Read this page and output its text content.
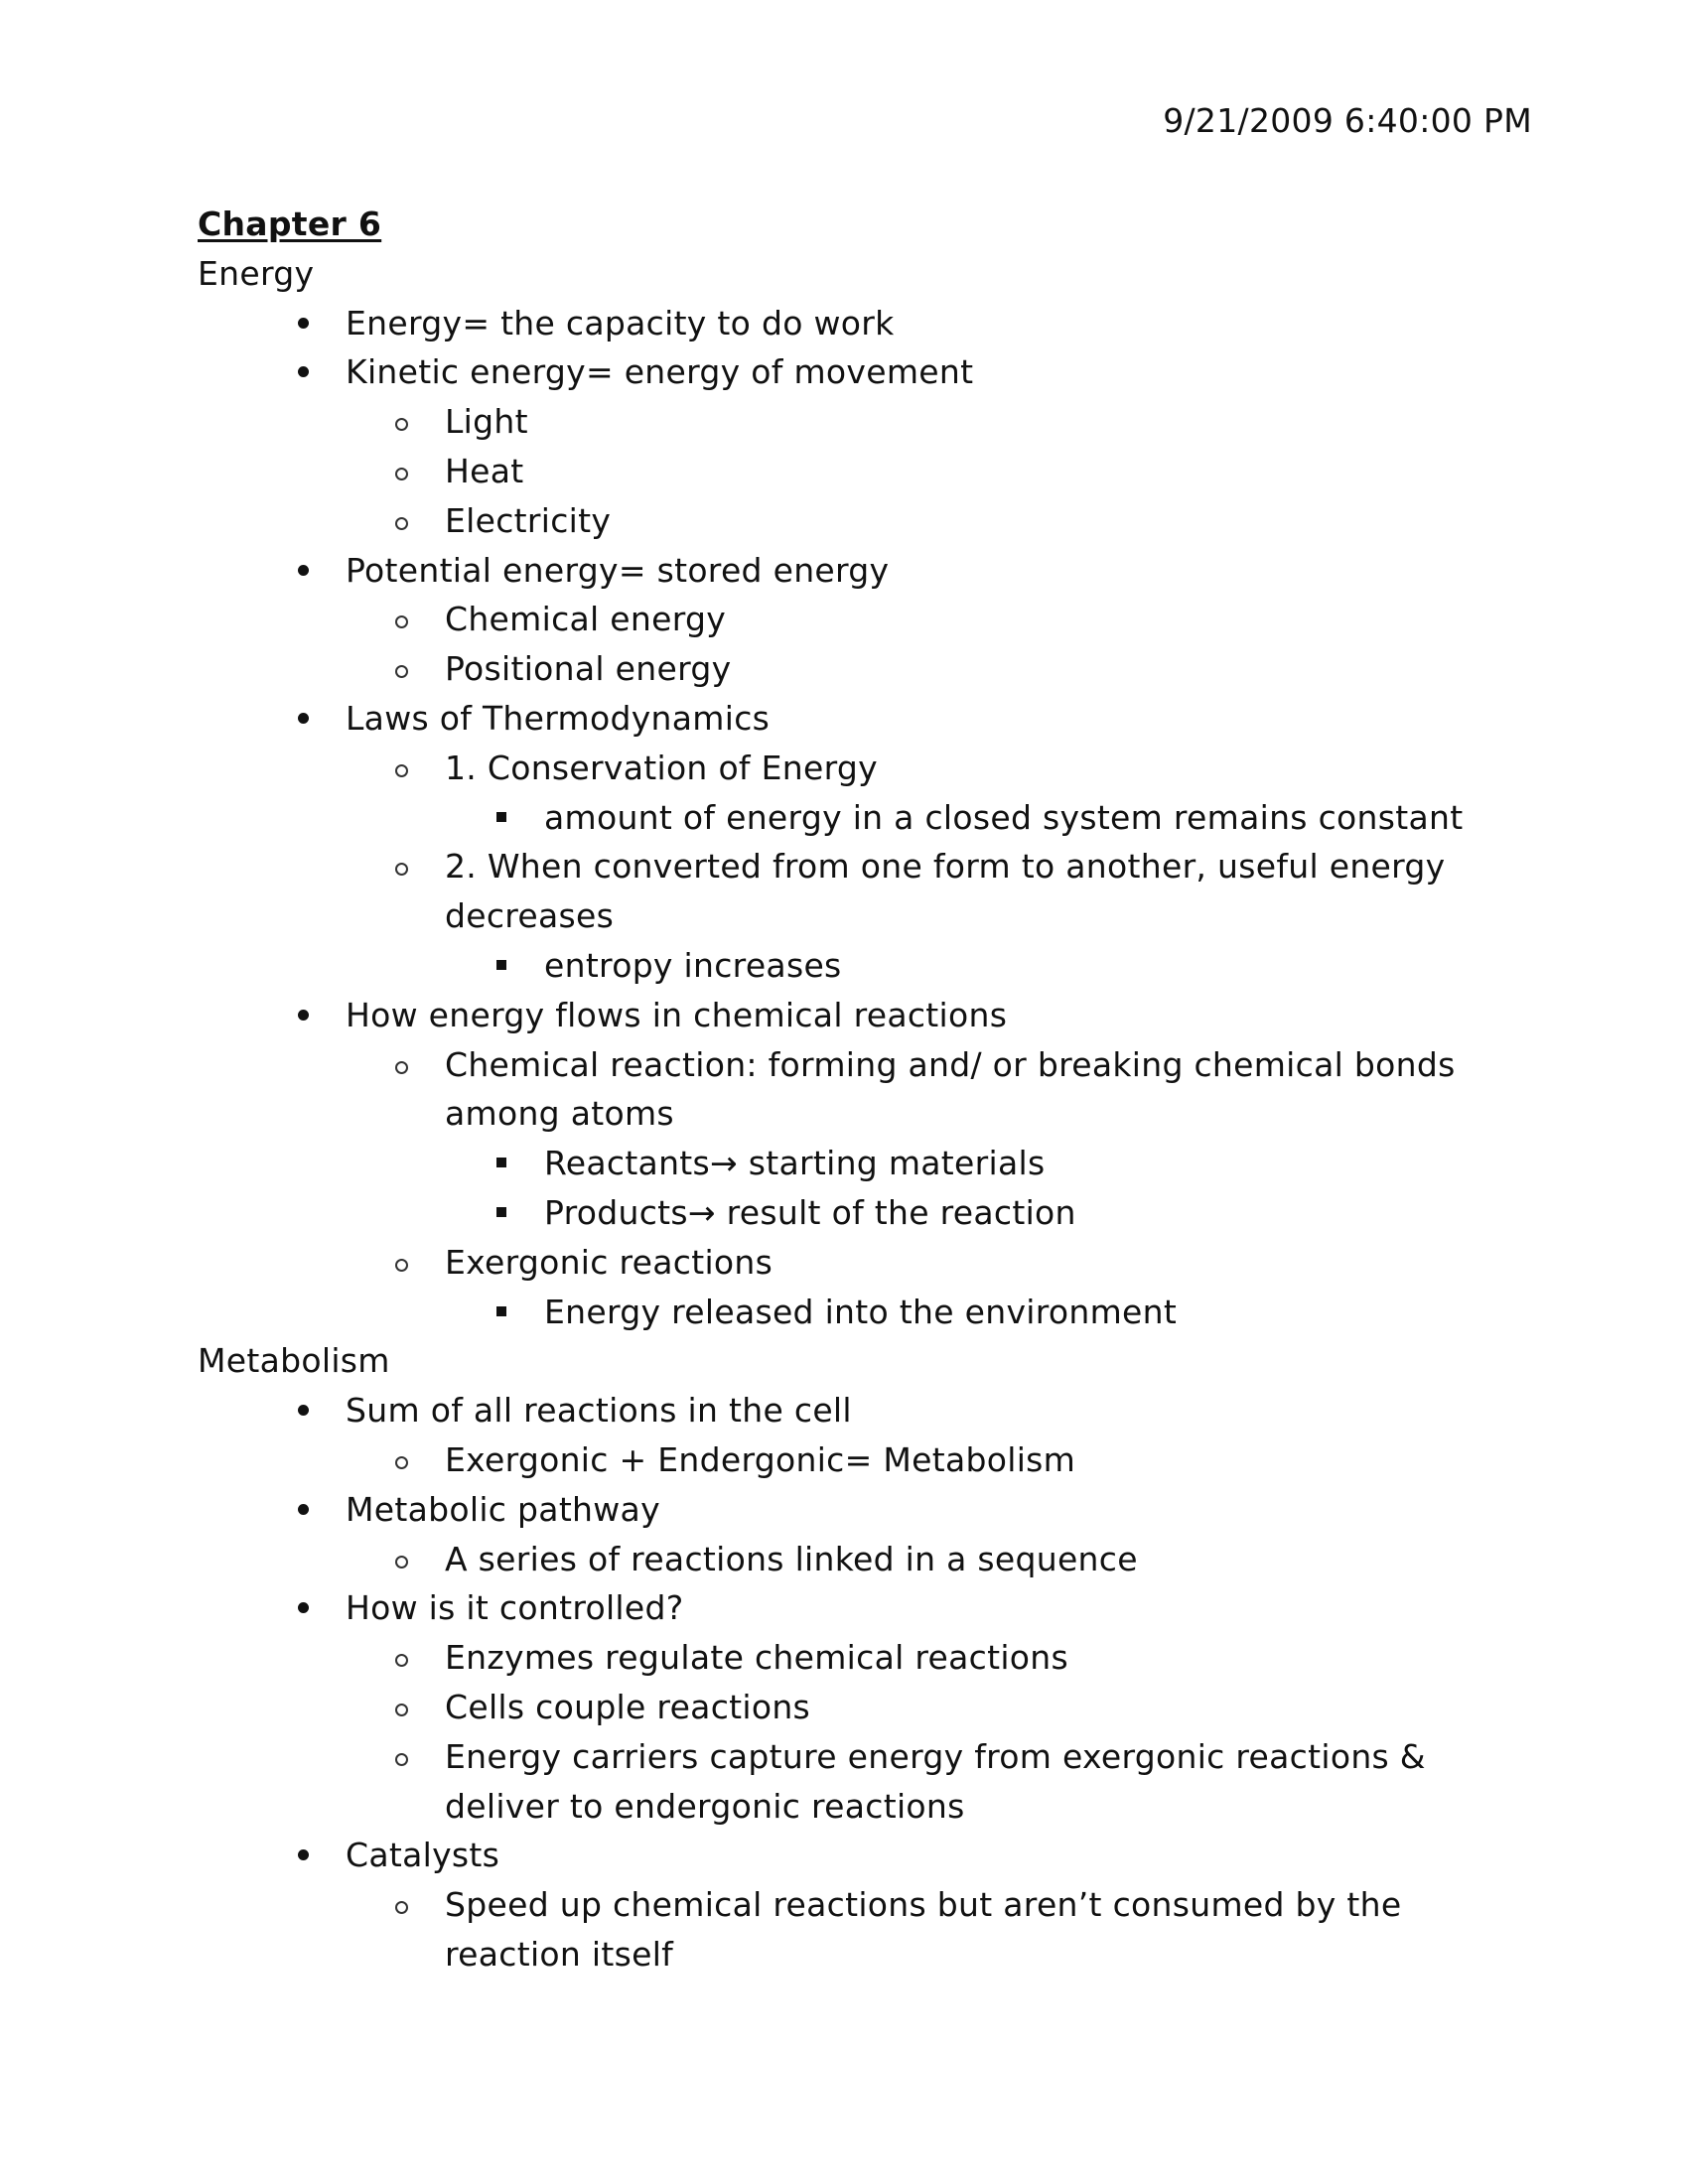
9/21/2009 6:40:00 PM
Chapter 6
Energy
Energy= the capacity to do work
Kinetic energy= energy of movement
Light
Heat
Electricity
Potential energy= stored energy
Chemical energy
Positional energy
Laws of Thermodynamics
1. Conservation of Energy
amount of energy in a closed system remains constant
2. When converted from one form to another, useful energy decreases
entropy increases
How energy flows in chemical reactions
Chemical reaction: forming and/ or breaking chemical bonds among atoms
Reactants→ starting materials
Products→ result of the reaction
Exergonic reactions
Energy released into the environment
Metabolism
Sum of all reactions in the cell
Exergonic + Endergonic= Metabolism
Metabolic pathway
A series of reactions linked in a sequence
How is it controlled?
Enzymes regulate chemical reactions
Cells couple reactions
Energy carriers capture energy from exergonic reactions & deliver to endergonic reactions
Catalysts
Speed up chemical reactions but aren’t consumed by the reaction itself
